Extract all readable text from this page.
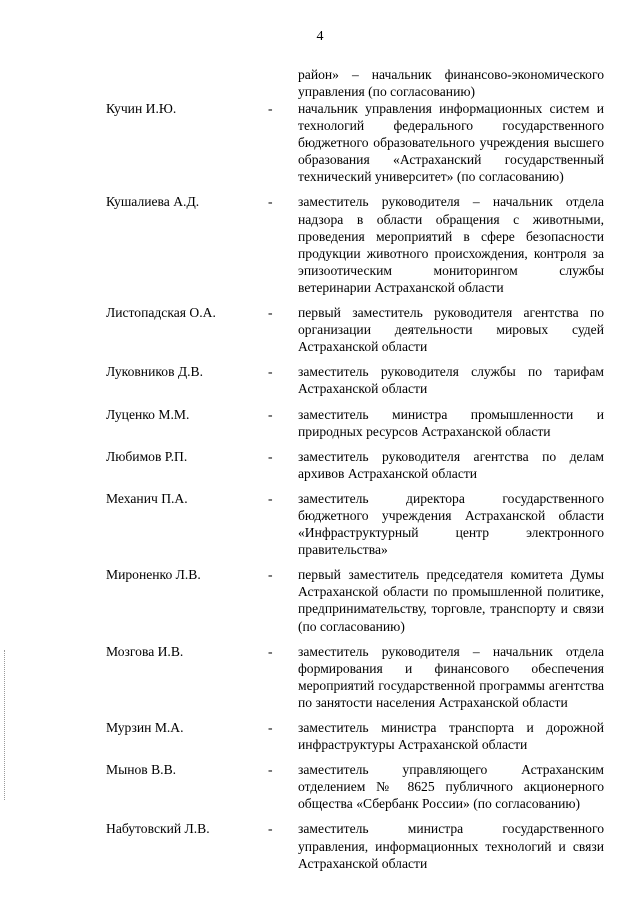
4
район» – начальник финансово-экономического управления (по согласованию)
Кучин И.Ю.	- начальник управления информационных систем и технологий федерального государственного бюджетного образовательного учреждения высшего образования «Астраханский государственный технический университет» (по согласованию)
Кушалиева А.Д.	- заместитель руководителя – начальник отдела надзора в области обращения с животными, проведения мероприятий в сфере безопасности продукции животного происхождения, контроля за эпизоотическим мониторингом службы ветеринарии Астраханской области
Листопадская О.А.	- первый заместитель руководителя агентства по организации деятельности мировых судей Астраханской области
Луковников Д.В.	- заместитель руководителя службы по тарифам Астраханской области
Луценко М.М.	- заместитель министра промышленности и природных ресурсов Астраханской области
Любимов Р.П.	- заместитель руководителя агентства по делам архивов Астраханской области
Механич П.А.	- заместитель директора государственного бюджетного учреждения Астраханской области «Инфраструктурный центр электронного правительства»
Мироненко Л.В.	- первый заместитель председателя комитета Думы Астраханской области по промышленной политике, предпринимательству, торговле, транспорту и связи (по согласованию)
Мозгова И.В.	- заместитель руководителя – начальник отдела формирования и финансового обеспечения мероприятий государственной программы агентства по занятости населения Астраханской области
Мурзин М.А.	- заместитель министра транспорта и дорожной инфраструктуры Астраханской области
Мынов В.В.	- заместитель управляющего Астраханским отделением № 8625 публичного акционерного общества «Сбербанк России» (по согласованию)
Набутовский Л.В.	- заместитель министра государственного управления, информационных технологий и связи Астраханской области
